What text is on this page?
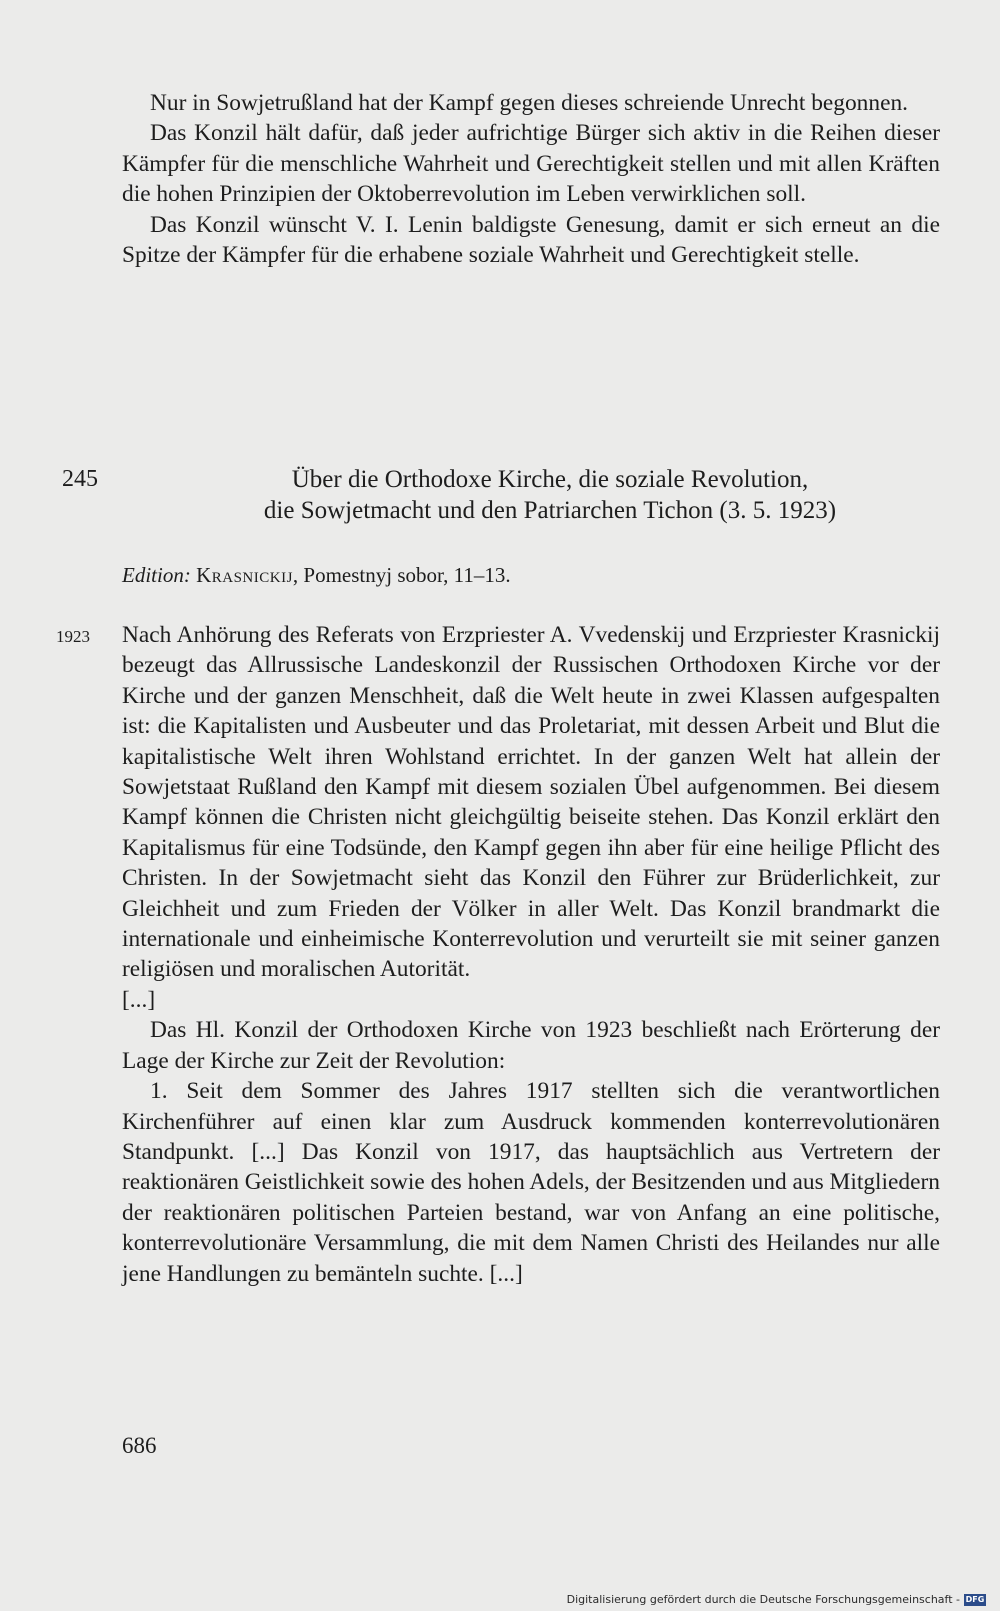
Nur in Sowjetrußland hat der Kampf gegen dieses schreiende Unrecht begonnen.

Das Konzil hält dafür, daß jeder aufrichtige Bürger sich aktiv in die Reihen dieser Kämpfer für die menschliche Wahrheit und Gerechtigkeit stellen und mit allen Kräften die hohen Prinzipien der Oktoberrevolution im Leben verwirklichen soll.

Das Konzil wünscht V. I. Lenin baldigste Genesung, damit er sich erneut an die Spitze der Kämpfer für die erhabene soziale Wahrheit und Gerechtigkeit stelle.

245	Über die Orthodoxe Kirche, die soziale Revolution,
die Sowjetmacht und den Patriarchen Tichon (3. 5. 1923)
Edition: Krasnickij, Pomestnyj sobor, 11–13.
1923 Nach Anhörung des Referats von Erzpriester A. Vvedenskij und Erzpriester Krasnickij bezeugt das Allrussische Landeskonzil der Russischen Orthodoxen Kirche vor der Kirche und der ganzen Menschheit, daß die Welt heute in zwei Klassen aufgespalten ist: die Kapitalisten und Ausbeuter und das Proletariat, mit dessen Arbeit und Blut die kapitalistische Welt ihren Wohlstand errichtet. In der ganzen Welt hat allein der Sowjetstaat Rußland den Kampf mit diesem sozialen Übel aufgenommen. Bei diesem Kampf können die Christen nicht gleichgültig beiseite stehen. Das Konzil erklärt den Kapitalismus für eine Todsünde, den Kampf gegen ihn aber für eine heilige Pflicht des Christen. In der Sowjetmacht sieht das Konzil den Führer zur Brüderlichkeit, zur Gleichheit und zum Frieden der Völker in aller Welt. Das Konzil brandmarkt die internationale und einheimische Konterrevolution und verurteilt sie mit seiner ganzen religiösen und moralischen Autorität.

[...]

Das Hl. Konzil der Orthodoxen Kirche von 1923 beschließt nach Erörterung der Lage der Kirche zur Zeit der Revolution:

1. Seit dem Sommer des Jahres 1917 stellten sich die verantwortlichen Kirchenführer auf einen klar zum Ausdruck kommenden konterrevolutionären Standpunkt. [...] Das Konzil von 1917, das hauptsächlich aus Vertretern der reaktionären Geistlichkeit sowie des hohen Adels, der Besitzenden und aus Mitgliedern der reaktionären politischen Parteien bestand, war von Anfang an eine politische, konterrevolutionäre Versammlung, die mit dem Namen Christi des Heilandes nur alle jene Handlungen zu bemänteln suchte. [...]

686
Digitalisierung gefördert durch die Deutsche Forschungsgemeinschaft - DFG
